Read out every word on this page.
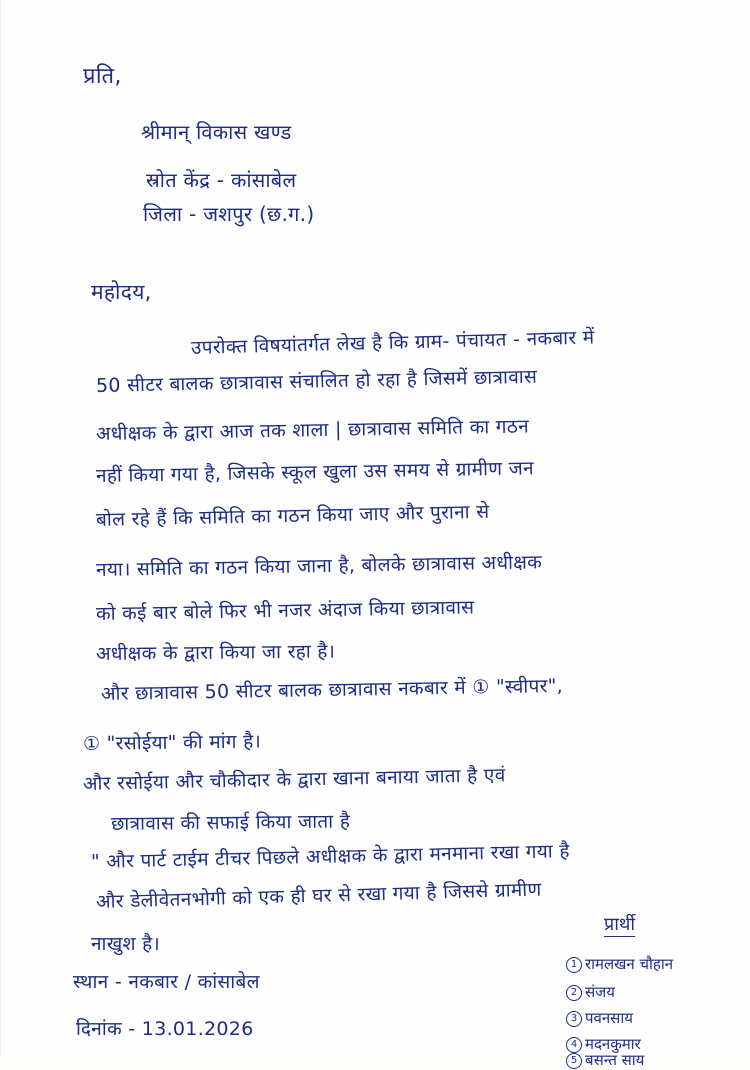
प्रति,
श्रीमान् विकास खण्ड
स्रोत केंद्र - कांसाबेल
जिला - जशपुर (छ.ग.)
महोदय,
उपरोक्त विषयांतर्गत लेख है कि ग्राम- पंचायत - नकबार में
50 सीटर बालक छात्रावास संचालित हो रहा है जिसमें छात्रावास
अधीक्षक के द्वारा आज तक शाला | छात्रावास समिति का गठन
नहीं किया गया है, जिसके स्कूल खुला उस समय से ग्रामीण जन
बोल रहे हैं कि समिति का गठन किया जाए और पुराना से
नया। समिति का गठन किया जाना है, बोलके छात्रावास अधीक्षक
को कई बार बोले फिर भी नजर अंदाज किया छात्रावास
अधीक्षक के द्वारा किया जा रहा है।
और छात्रावास 50 सीटर बालक छात्रावास नकबार में ① "स्वीपर",
① "रसोईया" की मांग है।
और रसोईया और चौकीदार के द्वारा खाना बनाया जाता है एवं
छात्रावास की सफाई किया जाता है
" और पार्ट टाईम टीचर पिछले अधीक्षक के द्वारा मनमाना रखा गया है
और डेलीवेतनभोगी को एक ही घर से रखा गया है जिससे ग्रामीण
नाखुश है।
स्थान - नकबार / कांसाबेल
दिनांक - 13.01.2026
प्रार्थी
1 रामलखन चौहान
2 संजय
3 पवनसाय
4 मदनकुमार
5 बसन्त साय
